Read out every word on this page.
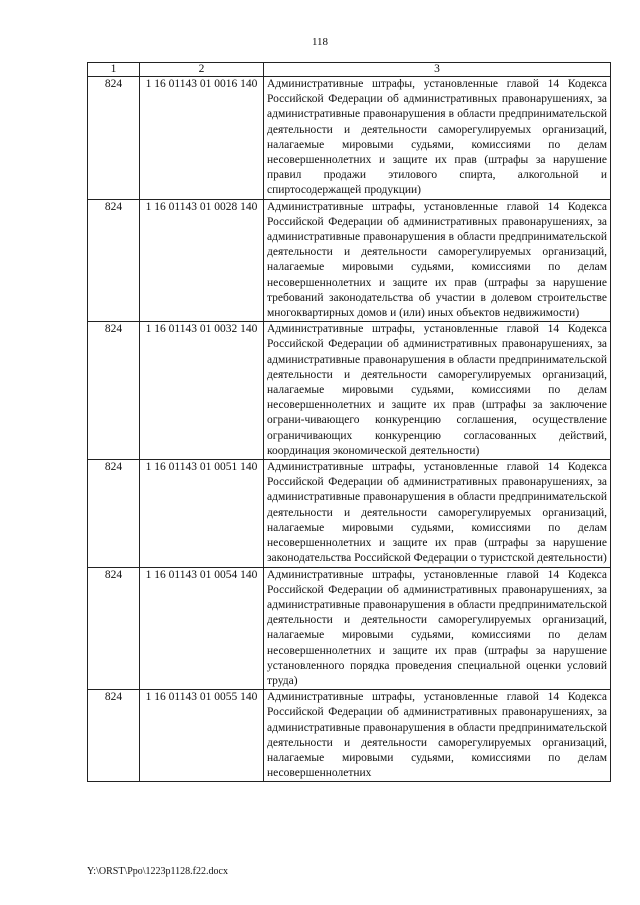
118
1	2	3
824	1 16 01143 01 0016 140	Административные штрафы, установленные главой 14 Кодекса Российской Федерации об административных правонарушениях, за административные правонарушения в области предпринимательской деятельности и деятельности саморегулируемых организаций, налагаемые мировыми судьями, комиссиями по делам несовершеннолетних и защите их прав (штрафы за нарушение правил продажи этилового спирта, алкогольной и спиртосодержащей продукции)
824	1 16 01143 01 0028 140	Административные штрафы, установленные главой 14 Кодекса Российской Федерации об административных правонарушениях, за административные правонарушения в области предпринимательской деятельности и деятельности саморегулируемых организаций, налагаемые мировыми судьями, комиссиями по делам несовершеннолетних и защите их прав (штрафы за нарушение требований законодательства об участии в долевом строительстве многоквартирных домов и (или) иных объектов недвижимости)
824	1 16 01143 01 0032 140	Административные штрафы, установленные главой 14 Кодекса Российской Федерации об административных правонарушениях, за административные правонарушения в области предпринимательской деятельности и деятельности саморегулируемых организаций, налагаемые мировыми судьями, комиссиями по делам несовершеннолетних и защите их прав (штрафы за заключение ограни-чивающего конкуренцию соглашения, осуществление ограничивающих конкуренцию согласованных действий, координация экономической деятельности)
824	1 16 01143 01 0051 140	Административные штрафы, установленные главой 14 Кодекса Российской Федерации об административных правонарушениях, за административные правонарушения в области предпринимательской деятельности и деятельности саморегулируемых организаций, налагаемые мировыми судьями, комиссиями по делам несовершеннолетних и защите их прав (штрафы за нарушение законодательства Российской Федерации о туристской деятельности)
824	1 16 01143 01 0054 140	Административные штрафы, установленные главой 14 Кодекса Российской Федерации об административных правонарушениях, за административные правонарушения в области предпринимательской деятельности и деятельности саморегулируемых организаций, налагаемые мировыми судьями, комиссиями по делам несовершеннолетних и защите их прав (штрафы за нарушение установленного порядка проведения специальной оценки условий труда)
824	1 16 01143 01 0055 140	Административные штрафы, установленные главой 14 Кодекса Российской Федерации об административных правонарушениях, за административные правонарушения в области предпринимательской деятельности и деятельности саморегулируемых организаций, налагаемые мировыми судьями, комиссиями по делам несовершеннолетних
Y:\ORST\Ppo\1223p1128.f22.docx
